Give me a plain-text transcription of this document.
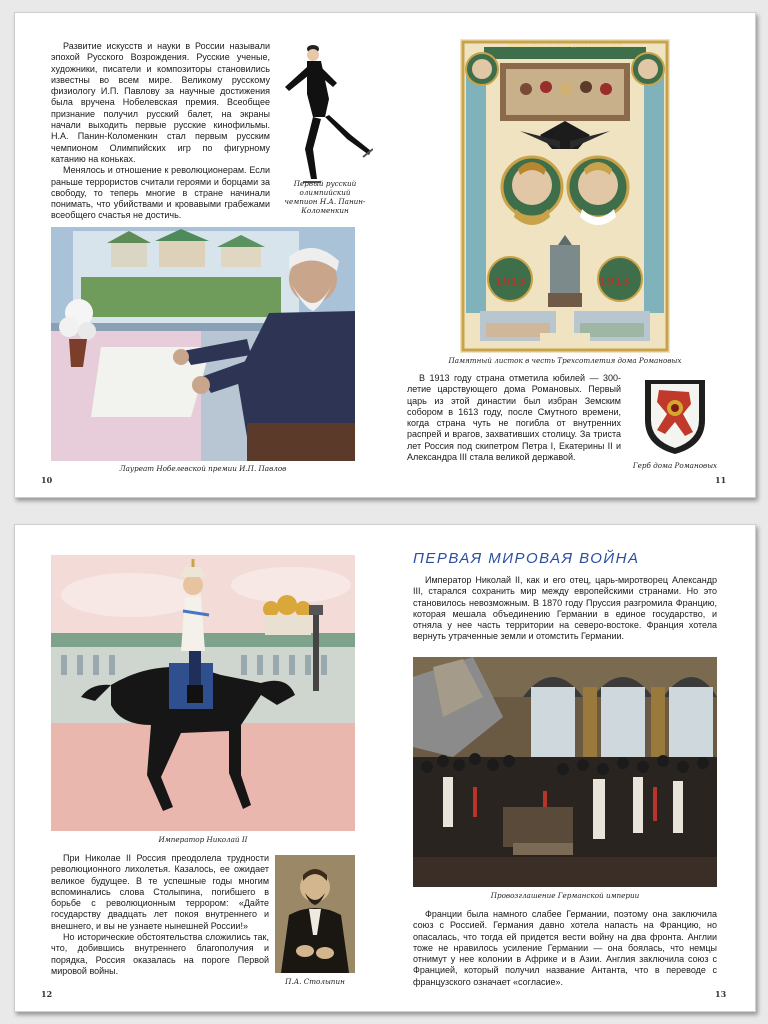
Развитие искусств и науки в России называли эпохой Русского Возрождения. Русские ученые, художники, писатели и композиторы становились известны во всем мире. Великому русскому физиологу И.П. Павлову за научные достижения была вручена Нобелевская премия. Всеобщее признание получил русский балет, на экраны начали выходить первые русские кинофильмы. Н.А. Панин-Коломенкин стал первым русским чемпионом Олимпийских игр по фигурному катанию на коньках.

Менялось и отношение к революционерам. Если раньше террористов считали героями и борцами за свободу, то теперь многие в стране начинали понимать, что убийствами и кровавыми грабежами всеобщего счастья не достичь.

Первый русский олимпийский чемпион Н.А. Панин-Коломенкин
Лауреат Нобелевской премии И.П. Павлов
10
ПАМЯТЬ ТРЕХСОТЛЕТИЯ ДОМА РОМАНОВЫХ
1613	1913
Памятный листок в честь Трехсотлетия дома Романовых

В 1913 году страна отметила юбилей — 300-летие царствующего дома Романовых. Первый царь из этой династии был избран Земским собором в 1613 году, после Смутного времени, когда страна чуть не погибла от внутренних распрей и врагов, захвативших столицу. За триста лет Россия под скипетром Петра I, Екатерины II и Александра III стала великой державой.

Герб дома Романовых
11
Император Николай II

При Николае II Россия преодолела трудности революционного лихолетья. Казалось, ее ожидает великое будущее. В те успешные годы многим вспоминались слова Столыпина, погибшего в борьбе с революционным террором: «Дайте государству двадцать лет покоя внутреннего и внешнего, и вы не узнаете нынешней России!»

Но исторические обстоятельства сложились так, что, добившись внутреннего благополучия и порядка, Россия оказалась на пороге Первой мировой войны.

П.А. Столыпин
12
ПЕРВАЯ МИРОВАЯ ВОЙНА

Император Николай II, как и его отец, царь-миротворец Александр III, старался сохранить мир между европейскими странами. Но это становилось невозможным. В 1870 году Пруссия разгромила Францию, которая мешала объединению Германии в единое государство, и отняла у нее часть территории на северо-востоке. Франция хотела вернуть утраченные земли и отомстить Германии.

Провозглашение Германской империи

Франции была намного слабее Германии, поэтому она заключила союз с Россией. Германия давно хотела напасть на Францию, но опасалась, что тогда ей придется вести войну на два фронта. Англии тоже не нравилось усиление Германии — она боялась, что немцы отнимут у нее колонии в Африке и в Азии. Англия заключила союз с Францией, который получил название Антанта, что в переводе с французского означает «согласие».

13
